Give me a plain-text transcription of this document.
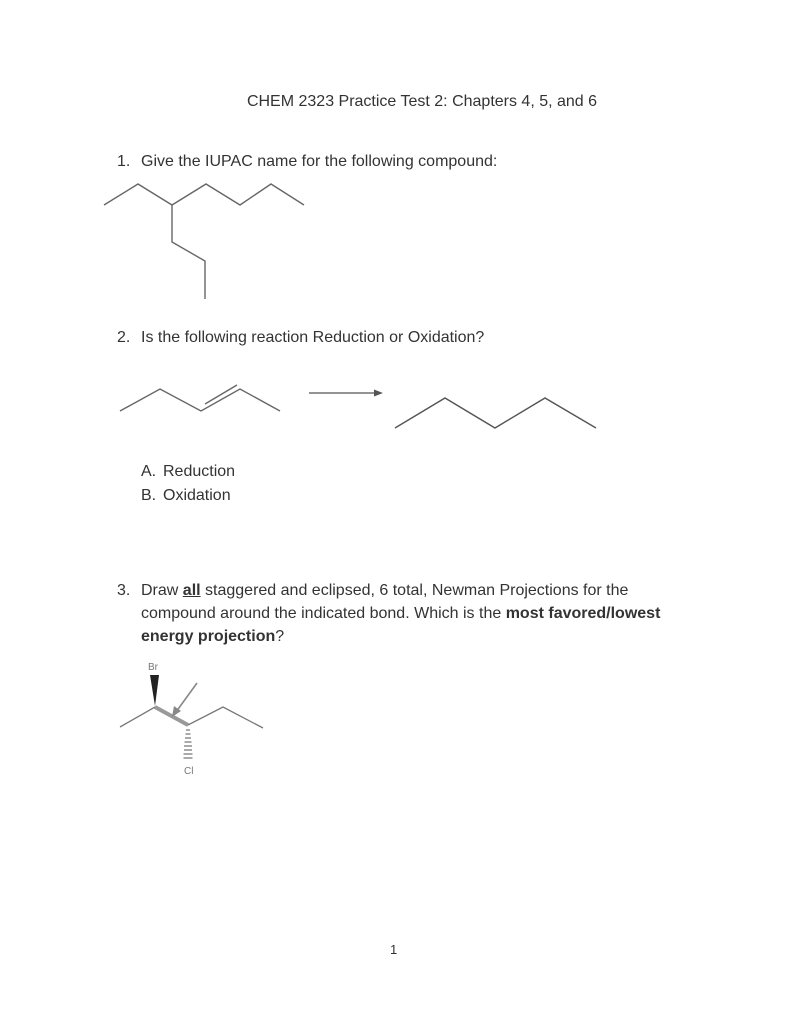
CHEM 2323 Practice Test 2: Chapters 4, 5, and 6
1. Give the IUPAC name for the following compound:
2. Is the following reaction Reduction or Oxidation?
A. Reduction
B. Oxidation
3. Draw all staggered and eclipsed, 6 total, Newman Projections for the
compound around the indicated bond. Which is the most favored/lowest
energy projection?
Br
Cl
1
